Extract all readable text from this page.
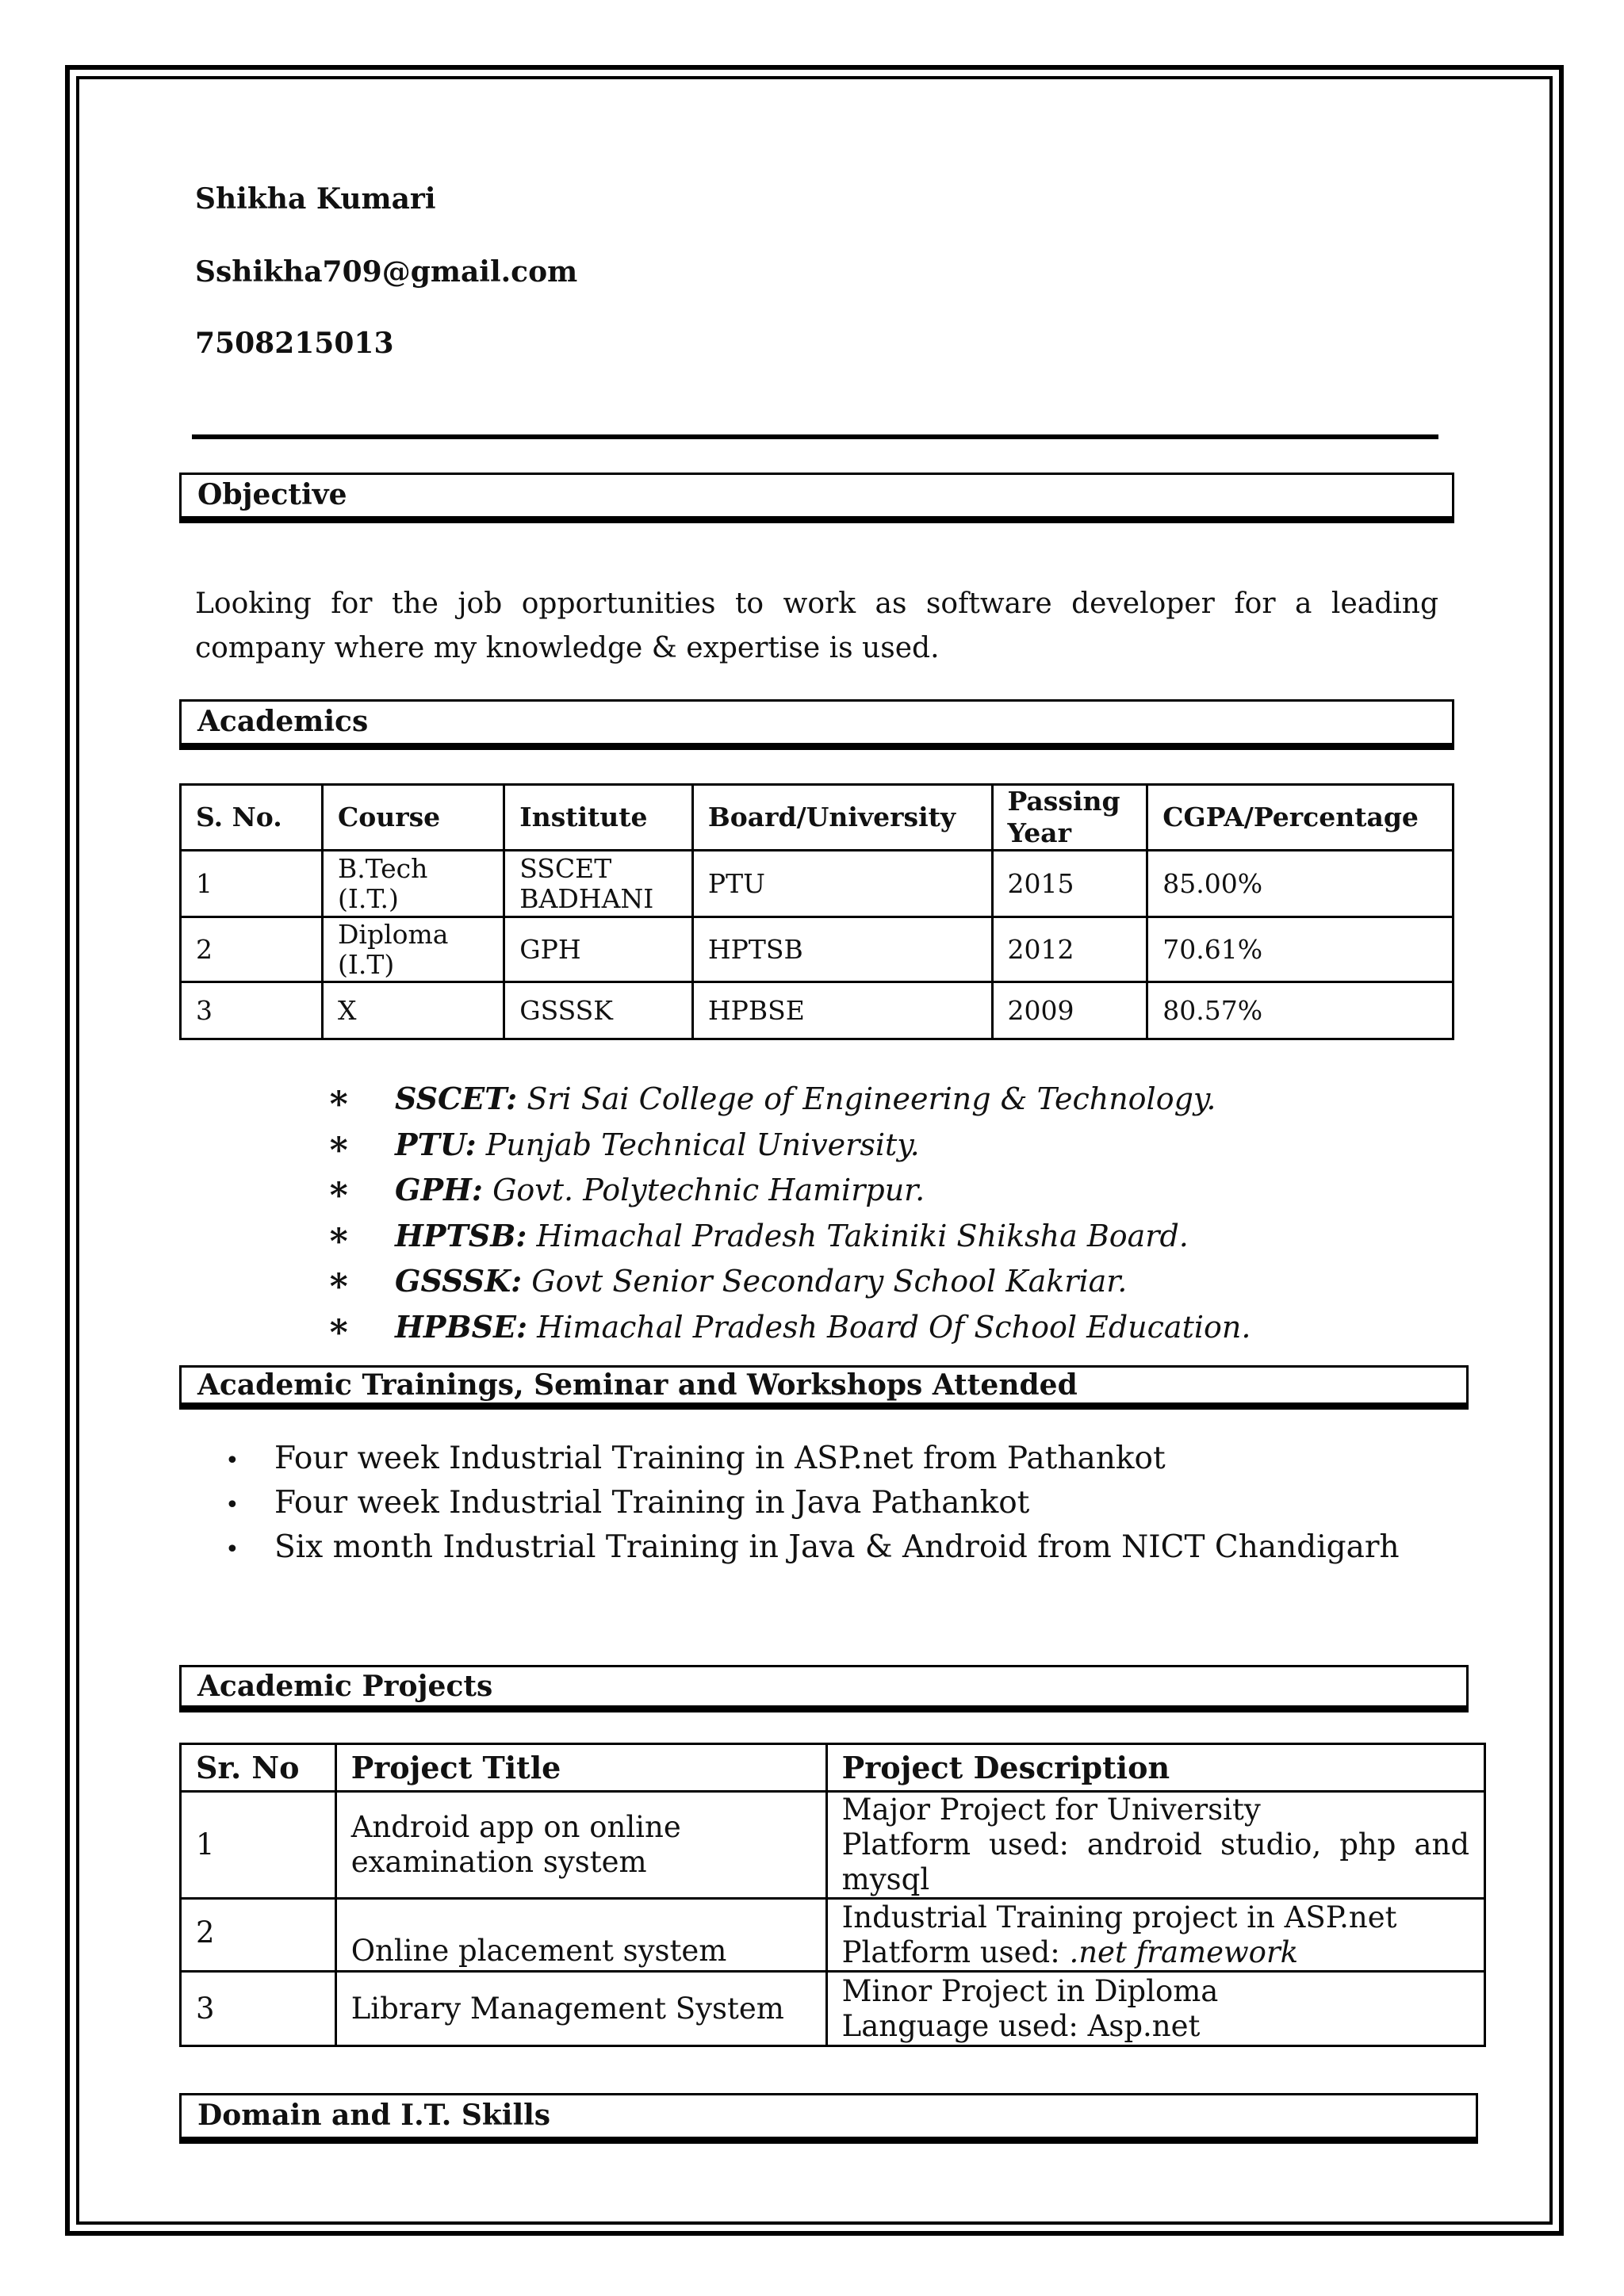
Shikha Kumari
Sshikha709@gmail.com
7508215013
Objective
Looking for the job opportunities to work as software developer for a leading company where my knowledge & expertise is used.
Academics
S. No.	Course	Institute	Board/University	Passing Year	CGPA/Percentage
1	B.Tech (I.T.)	SSCET BADHANI	PTU	2015	85.00%
2	Diploma (I.T)	GPH	HPTSB	2012	70.61%
3	X	GSSSK	HPBSE	2009	80.57%
∗ SSCET: Sri Sai College of Engineering & Technology.
∗ PTU: Punjab Technical University.
∗ GPH: Govt. Polytechnic Hamirpur.
∗ HPTSB: Himachal Pradesh Takiniki Shiksha Board.
∗ GSSSK: Govt Senior Secondary School Kakriar.
∗ HPBSE: Himachal Pradesh Board Of School Education.
Academic Trainings, Seminar and Workshops Attended
• Four week Industrial Training in ASP.net from Pathankot
• Four week Industrial Training in Java Pathankot
• Six month Industrial Training in Java & Android from NICT Chandigarh
Academic Projects
Sr. No	Project Title	Project Description
1	Android app on online examination system	Major Project for University
Platform used: android studio, php and mysql

2	Online placement system	Industrial Training project in ASP.net
Platform used: .net framework

3	Library Management System	Minor Project in Diploma
Language used: Asp.net
Domain and I.T. Skills
